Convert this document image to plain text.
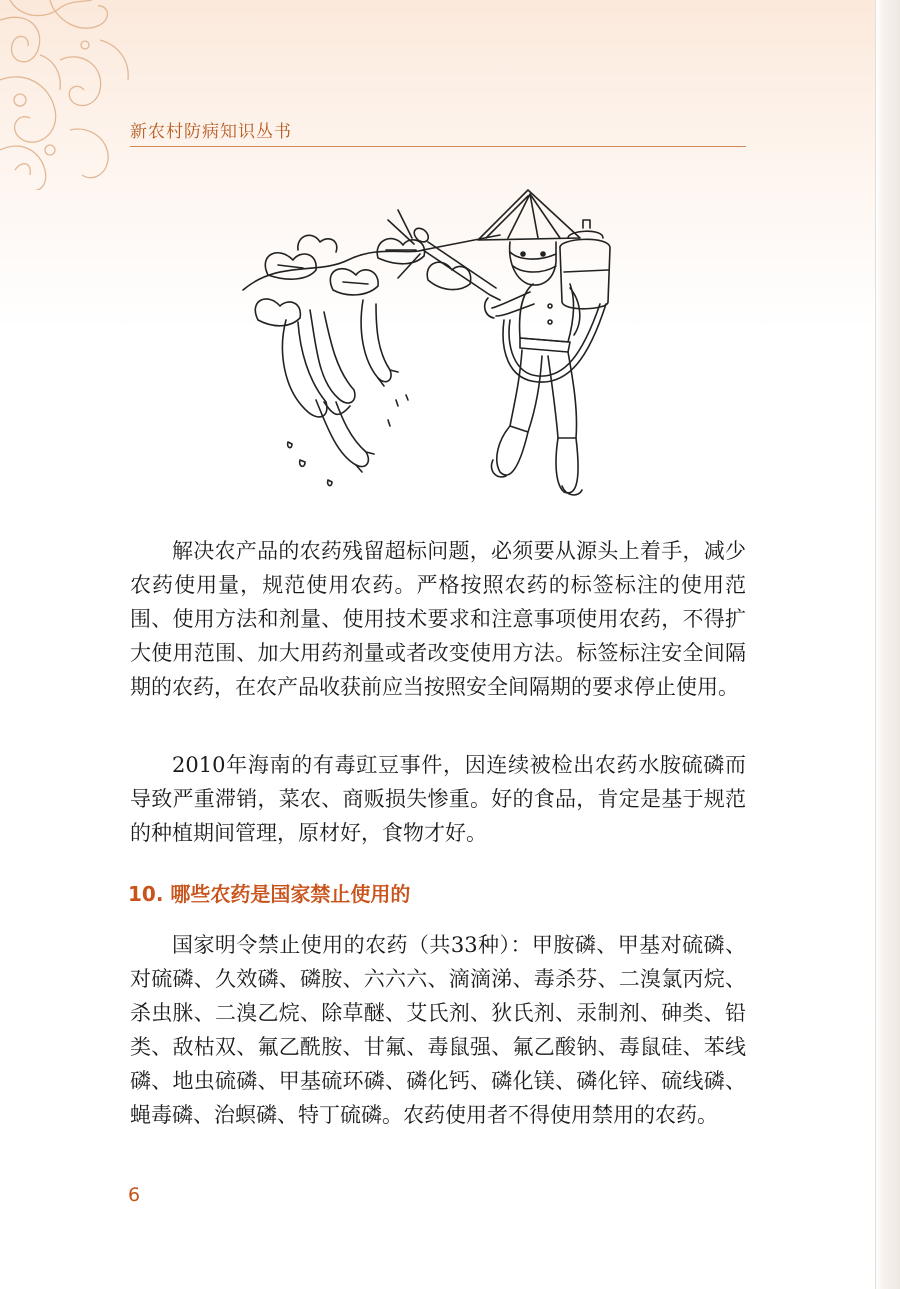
新农村防病知识丛书

解决农产品的农药残留超标问题，必须要从源头上着手，减少农药使用量，规范使用农药。严格按照农药的标签标注的使用范围、使用方法和剂量、使用技术要求和注意事项使用农药，不得扩大使用范围、加大用药剂量或者改变使用方法。标签标注安全间隔期的农药，在农产品收获前应当按照安全间隔期的要求停止使用。

2010年海南的有毒豇豆事件，因连续被检出农药水胺硫磷而导致严重滞销，菜农、商贩损失惨重。好的食品，肯定是基于规范的种植期间管理，原材好，食物才好。

10. 哪些农药是国家禁止使用的

国家明令禁止使用的农药（共33种）：甲胺磷、甲基对硫磷、对硫磷、久效磷、磷胺、六六六、滴滴涕、毒杀芬、二溴氯丙烷、杀虫脒、二溴乙烷、除草醚、艾氏剂、狄氏剂、汞制剂、砷类、铅类、敌枯双、氟乙酰胺、甘氟、毒鼠强、氟乙酸钠、毒鼠硅、苯线磷、地虫硫磷、甲基硫环磷、磷化钙、磷化镁、磷化锌、硫线磷、蝇毒磷、治螟磷、特丁硫磷。农药使用者不得使用禁用的农药。

6
